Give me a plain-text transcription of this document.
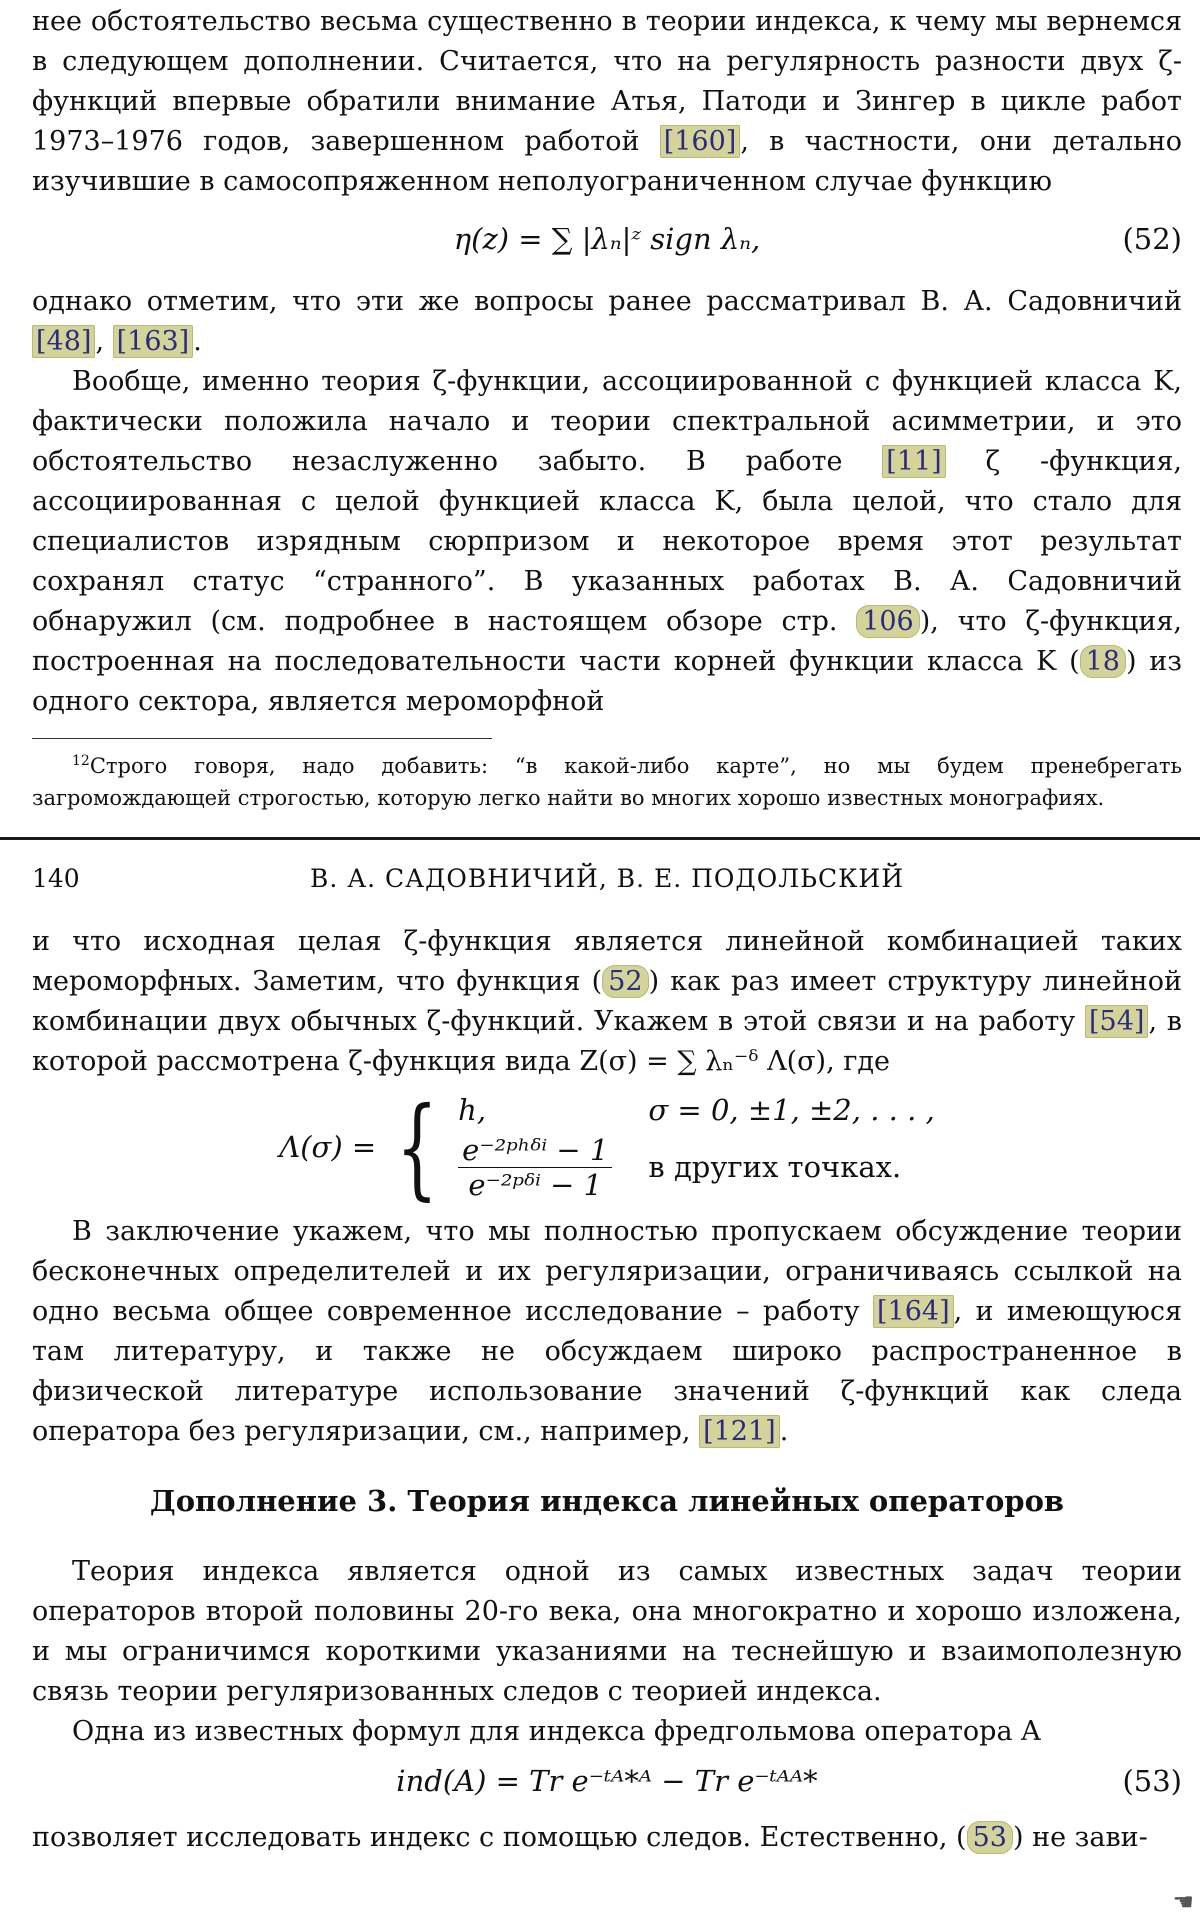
нее обстоятельство весьма существенно в теории индекса, к чему мы вернемся в следующем дополнении. Считается, что на регулярность разности двух ζ-функций впервые обратили внимание Атья, Патоди и Зингер в цикле работ 1973–1976 годов, завершенном работой [160] , в частности, они детально изучившие в самосопряженном неполуограниченном случае функцию

η(z) = ∑ |λₙ|ᶻ sign λₙ,	(52)

однако отметим, что эти же вопросы ранее рассматривал В. А. Садовничий [48] , [163] .

Вообще, именно теория ζ-функции, ассоциированной с функцией класса K, фактически положила начало и теории спектральной асимметрии, и это обстоятельство незаслуженно забыто. В работе [11] ζ -функция, ассоциированная с целой функцией класса K, была целой, что стало для специалистов изрядным сюрпризом и некоторое время этот результат сохранял статус “странного”. В указанных работах В. А. Садовничий обнаружил (см. подробнее в настоящем обзоре стр. 106 ), что ζ-функция, построенная на последовательности части корней функции класса K ( 18 ) из одного сектора, является мероморфной

$^{12}$Строго говоря, надо добавить: “в какой-либо карте”, но мы будем пренебрегать загромождающей строгостью, которую легко найти во многих хорошо известных монографиях.

140	В. А. САДОВНИЧИЙ, В. Е. ПОДОЛЬСКИЙ

и что исходная целая ζ-функция является линейной комбинацией таких мероморфных. Заметим, что функция ( 52 ) как раз имеет структуру линейной комбинации двух обычных ζ-функций. Укажем в этой связи и на работу [54] , в которой рассмотрена ζ-функция вида Z(σ) = ∑ λₙ⁻ᵟ Λ(σ), где

Λ(σ) = { h,	σ = 0, ±1, ±2, . . . ,
$\frac{\text{e⁻²ᵖʰᵟⁱ − 1}}{\text{e⁻²ᵖᵟⁱ − 1}}$ в других точках.

В заключение укажем, что мы полностью пропускаем обсуждение теории бесконечных определителей и их регуляризации, ограничиваясь ссылкой на одно весьма общее современное исследование – работу [164] , и имеющуюся там литературу, и также не обсуждаем широко распространенное в физической литературе использование значений ζ-функций как следа оператора без регуляризации, см., например, [121] .

Дополнение 3. Теория индекса линейных операторов

Теория индекса является одной из самых известных задач теории операторов второй половины 20-го века, она многократно и хорошо изложена, и мы ограничимся короткими указаниями на теснейшую и взаимополезную связь теории регуляризованных следов с теорией индекса.

Одна из известных формул для индекса фредгольмова оператора A

ind(A) = Tr e⁻ᵗᴬ*ᴬ − Tr e⁻ᵗᴬᴬ*	(53)

позволяет исследовать индекс с помощью следов. Естественно, ( 53 ) не зави-

☚
